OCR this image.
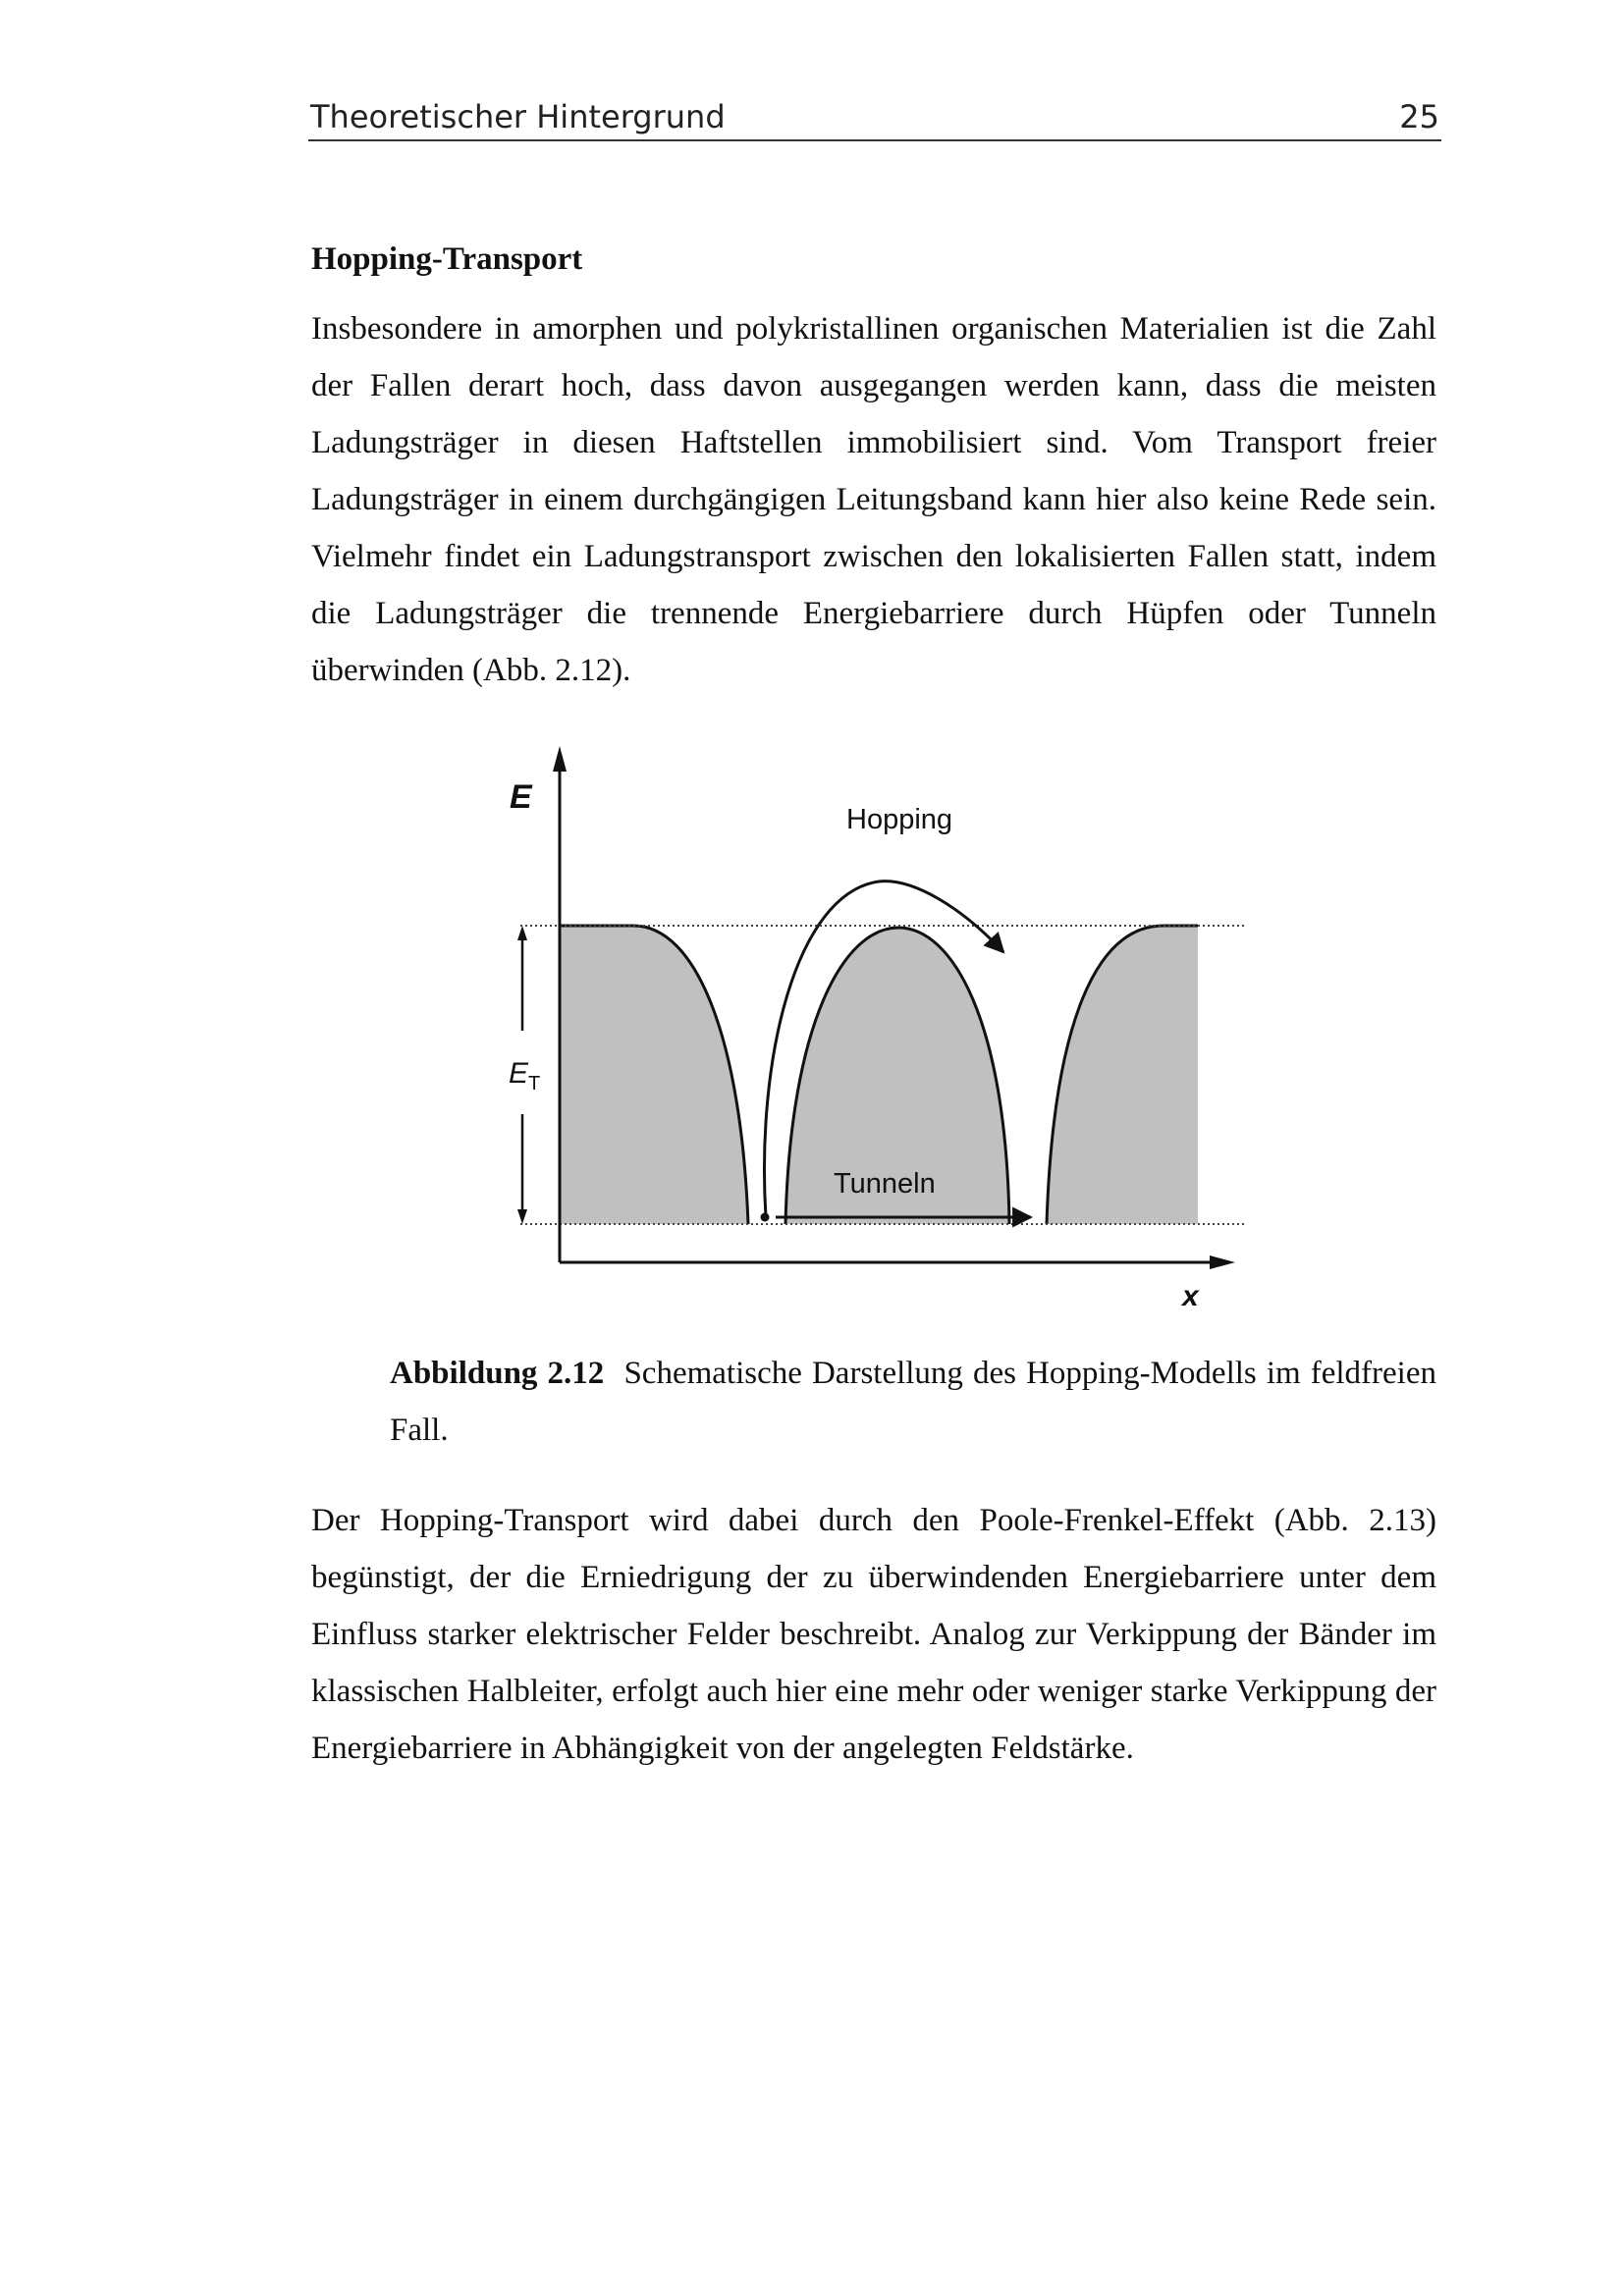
Theoretischer Hintergrund	25
Hopping-Transport

Insbesondere in amorphen und polykristallinen organischen Materialien ist die Zahl der Fallen derart hoch, dass davon ausgegangen werden kann, dass die meisten Ladungsträger in diesen Haftstellen immobilisiert sind. Vom Transport freier Ladungsträger in einem durchgängigen Leitungsband kann hier also keine Rede sein. Vielmehr findet ein Ladungstransport zwischen den lokalisierten Fallen statt, indem die Ladungsträger die trennende Energiebarriere durch Hüpfen oder Tunneln überwinden (Abb. 2.12).

E
x
$E_T$
Hopping
Tunneln

Abbildung 2.12 Schematische Darstellung des Hopping-Modells im feldfreien Fall.

Der Hopping-Transport wird dabei durch den Poole-Frenkel-Effekt (Abb. 2.13) begünstigt, der die Erniedrigung der zu überwindenden Energiebarriere unter dem Einfluss starker elektrischer Felder beschreibt. Analog zur Verkippung der Bänder im klassischen Halbleiter, erfolgt auch hier eine mehr oder weniger starke Verkippung der Energiebarriere in Abhängigkeit von der angelegten Feldstärke.
